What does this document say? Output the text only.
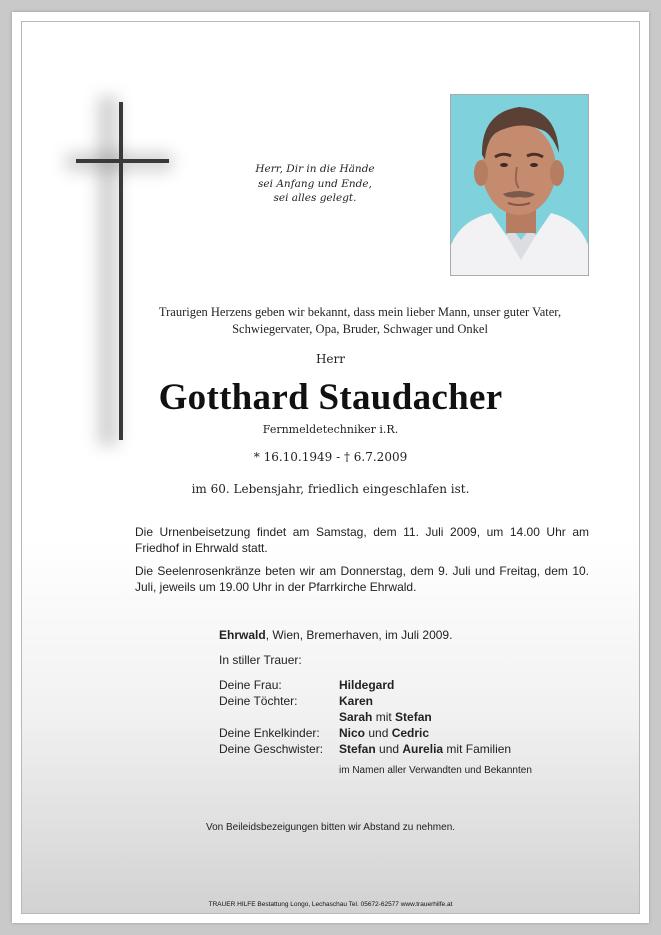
Herr, Dir in die Hände
sei Anfang und Ende,
sei alles gelegt.
Traurigen Herzens geben wir bekannt, dass mein lieber Mann, unser guter Vater, Schwiegervater, Opa, Bruder, Schwager und Onkel
Herr
Gotthard Staudacher
Fernmeldetechniker i.R.
* 16.10.1949 - † 6.7.2009
im 60. Lebensjahr, friedlich eingeschlafen ist.
Die Urnenbeisetzung findet am Samstag, dem 11. Juli 2009, um 14.00 Uhr am Friedhof in Ehrwald statt.
Die Seelenrosenkränze beten wir am Donnerstag, dem 9. Juli und Freitag, dem 10. Juli, jeweils um 19.00 Uhr in der Pfarrkirche Ehrwald.
Ehrwald, Wien, Bremerhaven, im Juli 2009.
In stiller Trauer:
Deine Frau:	Hildegard
Deine Töchter:	Karen
Sarah mit Stefan
Deine Enkelkinder: Nico und Cedric
Deine Geschwister: Stefan und Aurelia mit Familien
im Namen aller Verwandten und Bekannten
Von Beileidsbezeigungen bitten wir Abstand zu nehmen.
TRAUER HILFE Bestattung Longo, Lechaschau Tel. 05672-62577 www.trauerhilfe.at
